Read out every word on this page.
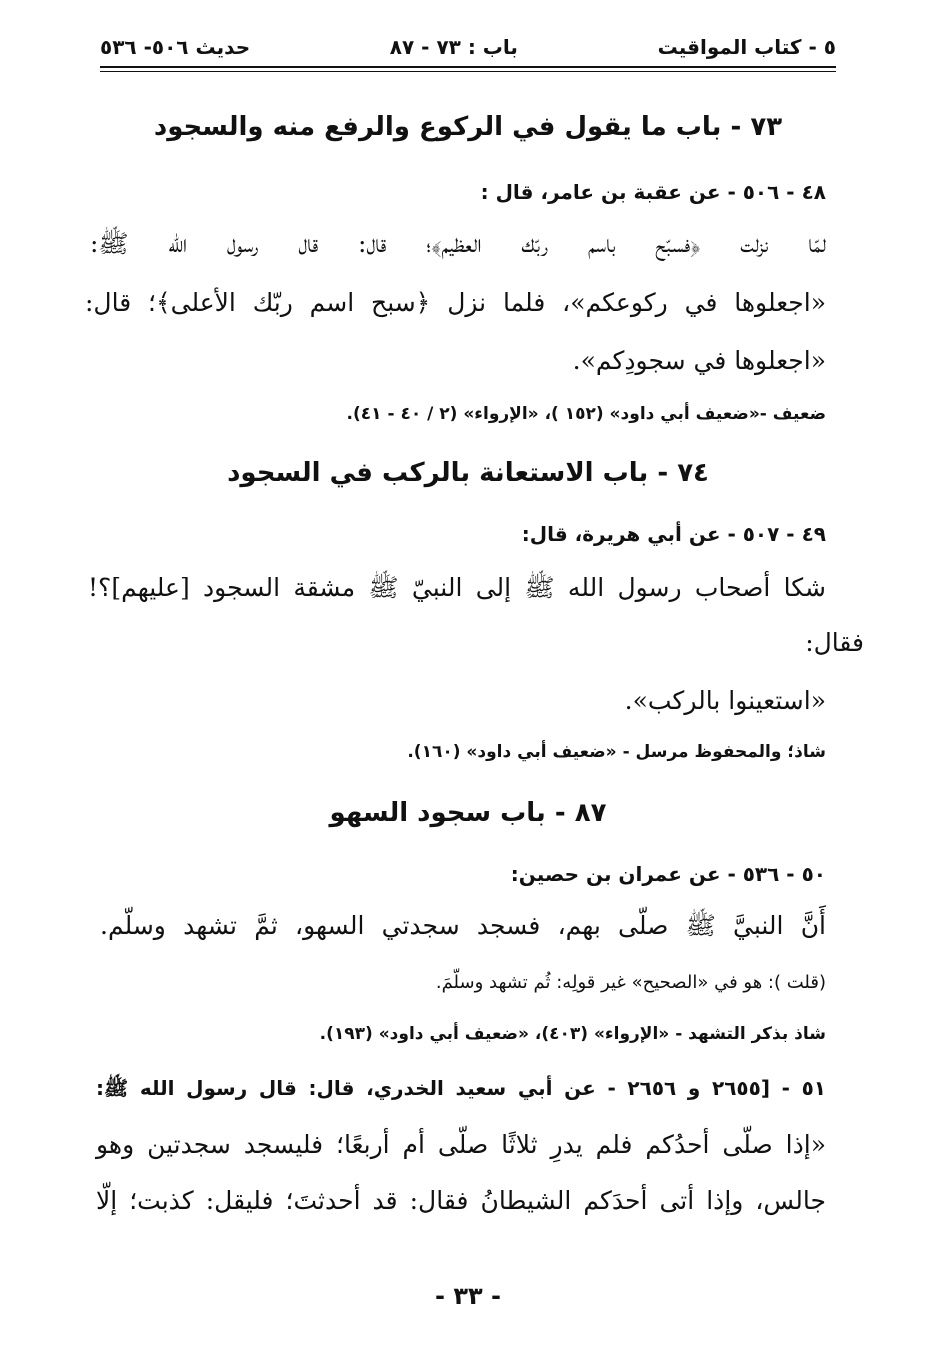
٥ - كتاب المواقيت
باب : ٧٣ - ٨٧
حديث ٥٠٦- ٥٣٦
٧٣ - باب ما يقول في الركوع والرفع منه والسجود
٤٨ - ٥٠٦ - عن عقبة بن عامر، قال :
لمّا نزلت ﴿فسبّح باسم ربّك العظيم﴾؛ قال: قال رسول الله ﷺ:
«اجعلوها في ركوعكم»، فلما نزل ﴿سبح اسم ربّك الأعلى﴾؛ قال:
«اجعلوها في سجودِكم».
ضعيف -«ضعيف أبي داود» (١٥٢ )، «الإرواء» (٢ / ٤٠ - ٤١).
٧٤ - باب الاستعانة بالركب في السجود
٤٩ - ٥٠٧ - عن أبي هريرة، قال:
شكا أصحاب رسول الله ﷺ إلى النبيّ ﷺ مشقة السجود [عليهم]؟!
فقال:
«استعينوا بالركب».
شاذ؛ والمحفوظ مرسل - «ضعيف أبي داود» (١٦٠).
٨٧ - باب سجود السهو
٥٠ - ٥٣٦ - عن عمران بن حصين:
أَنَّ النبيَّ ﷺ صلّى بهم، فسجد سجدتي السهو، ثمَّ تشهد وسلّم.
(قلت ): هو في «الصحيح» غير قولِه: ثُم تشهد وسلّمَ.
شاذ بذكر التشهد - «الإرواء» (٤٠٣)، «ضعيف أبي داود» (١٩٣).
٥١ - [٢٦٥٥ و ٢٦٥٦ - عن أبي سعيد الخدري، قال: قال رسول الله ﷺ:
«إذا صلّى أحدُكم فلم يدرِ ثلاثًا صلّى أم أربعًا؛ فليسجد سجدتين وهو
جالس، وإذا أتى أحدَكم الشيطانُ فقال: قد أحدثتَ؛ فليقل: كذبت؛ إلّا
- ٣٣ -
